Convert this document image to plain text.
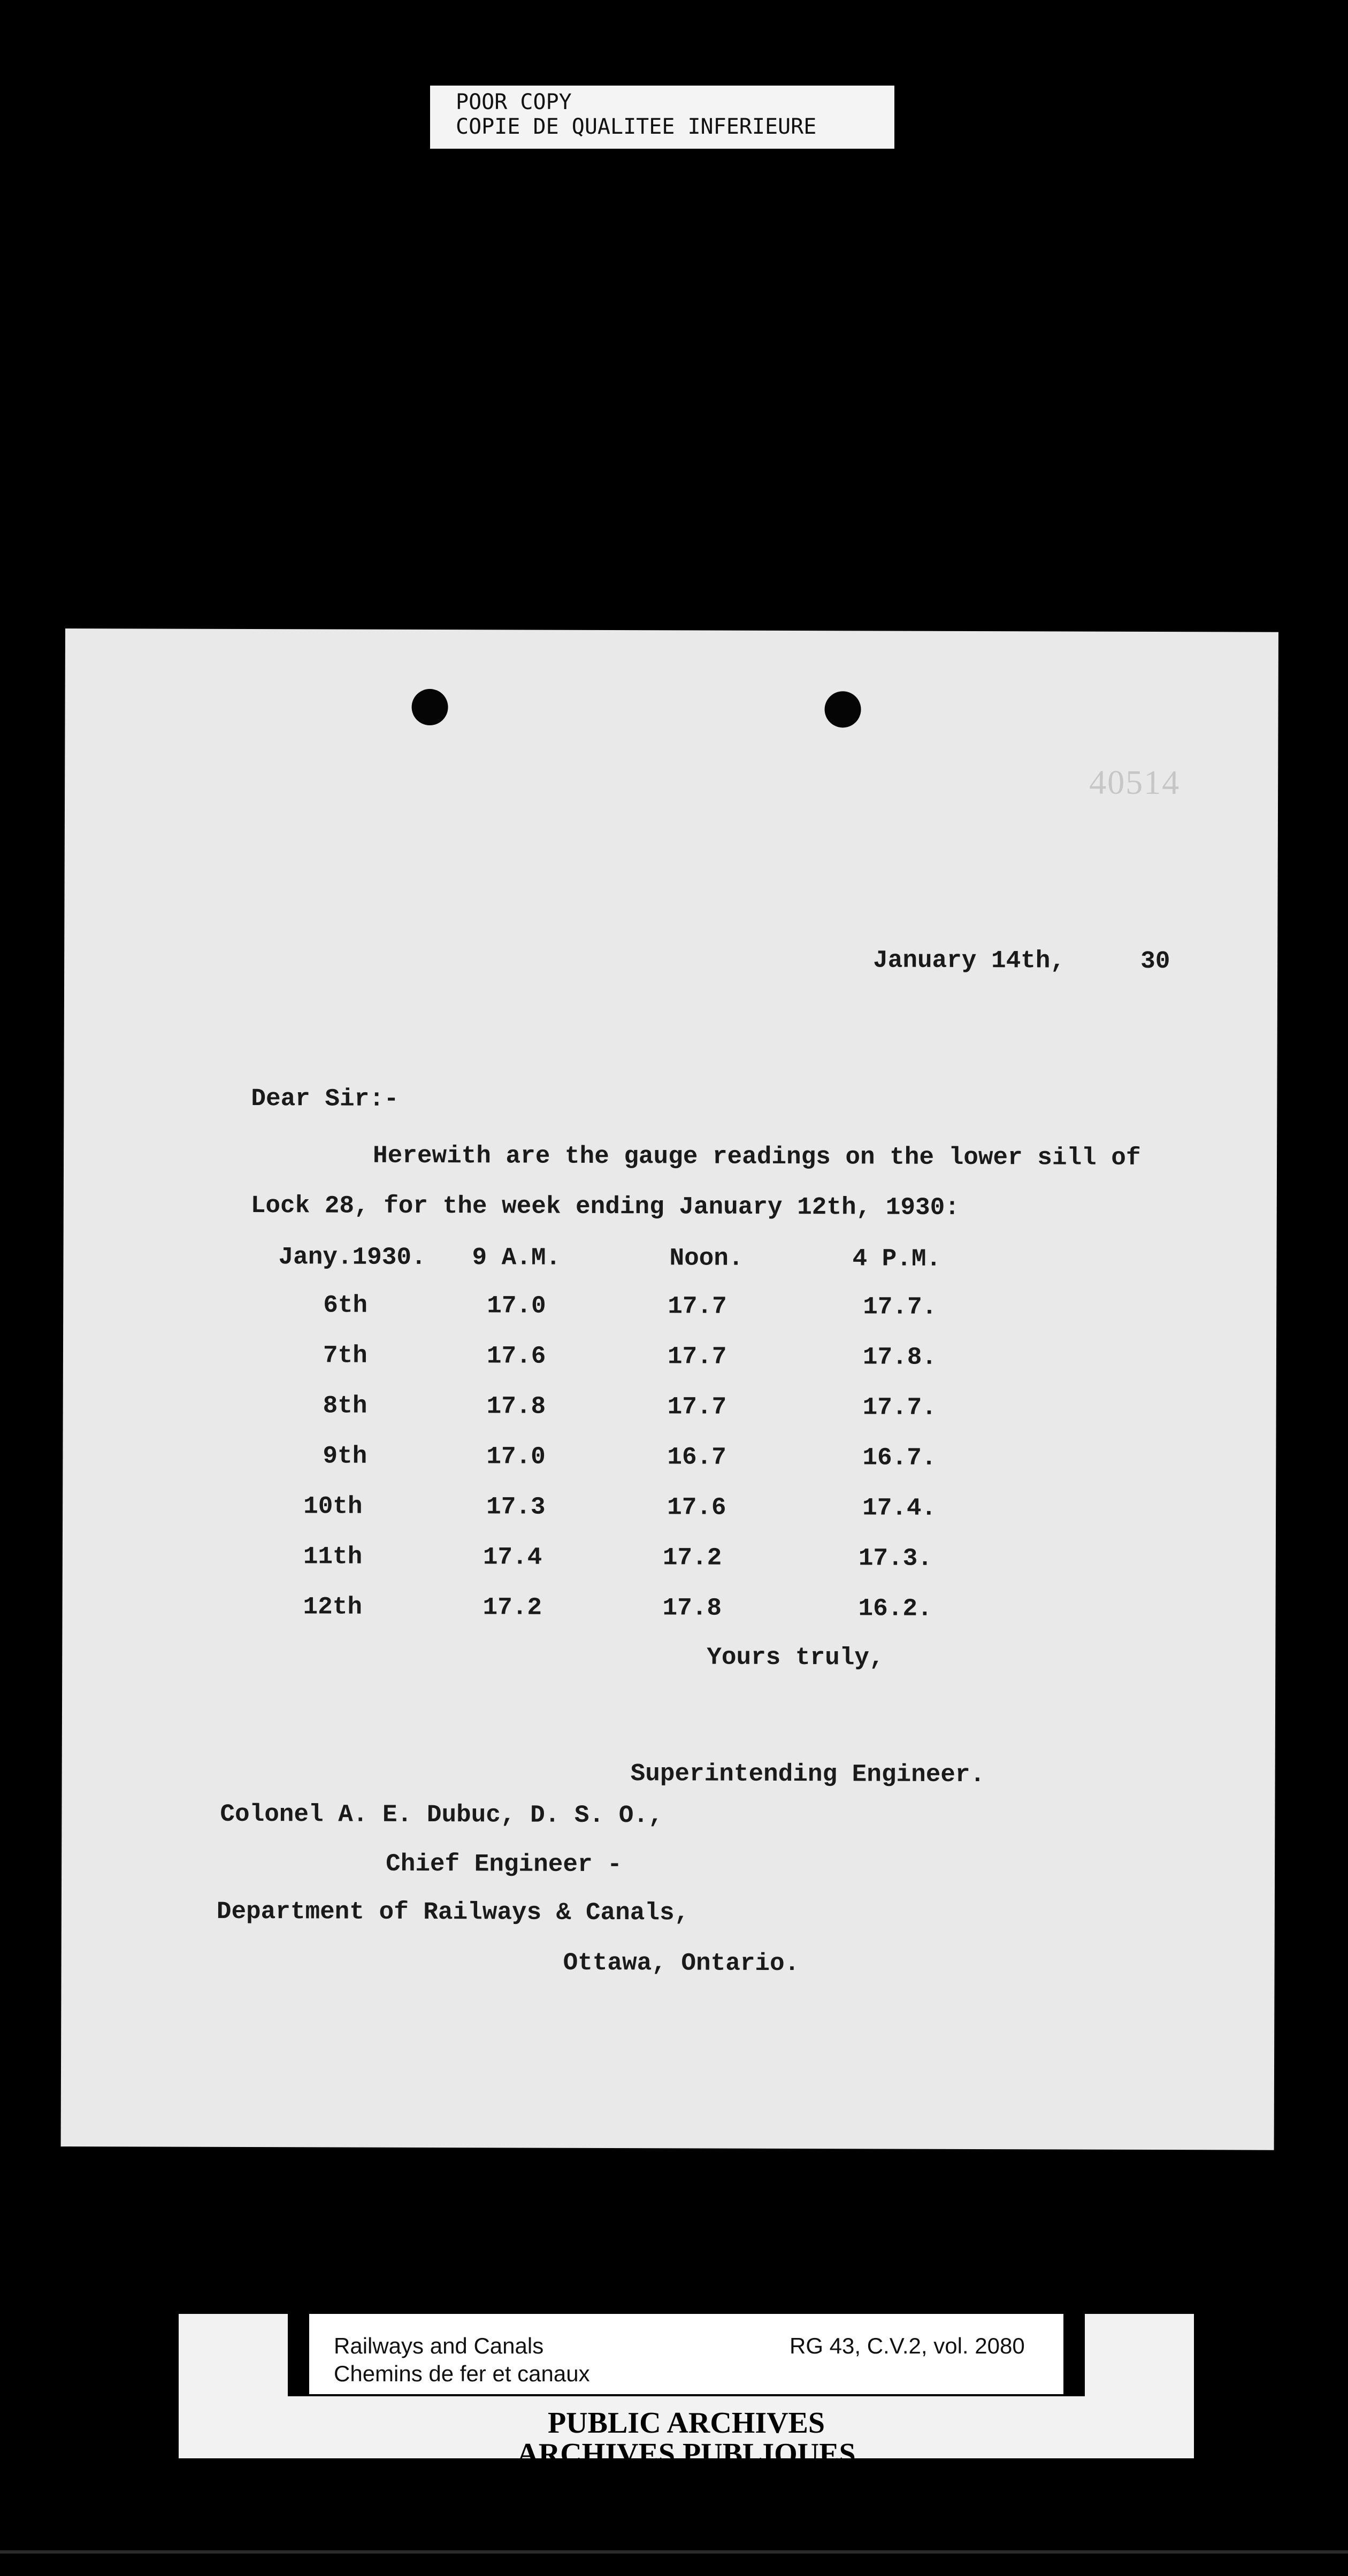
POOR COPY
COPIE DE QUALITEE INFERIEURE
40514
January 14th,	30
Dear Sir:-
Herewith are the gauge readings on the lower sill of
Lock 28, for the week ending January 12th, 1930:
Jany.1930. 9 A.M.	Noon.	4 P.M.
6th	17.0	17.7	17.7.
7th	17.6	17.7	17.8.
8th	17.8	17.7	17.7.
9th	17.0	16.7	16.7.
10th	17.3	17.6	17.4.
11th	17.4	17.2	17.3.
12th	17.2	17.8	16.2.
Yours truly,
Superintending Engineer.
Colonel A. E. Dubuc, D. S. O.,
Chief Engineer -
Department of Railways & Canals,
Ottawa, Ontario.
Railways and Canals
Chemins de fer et canaux
RG 43, C.V.2, vol. 2080
PUBLIC ARCHIVES
ARCHIVES PUBLIQUES
CANADA
